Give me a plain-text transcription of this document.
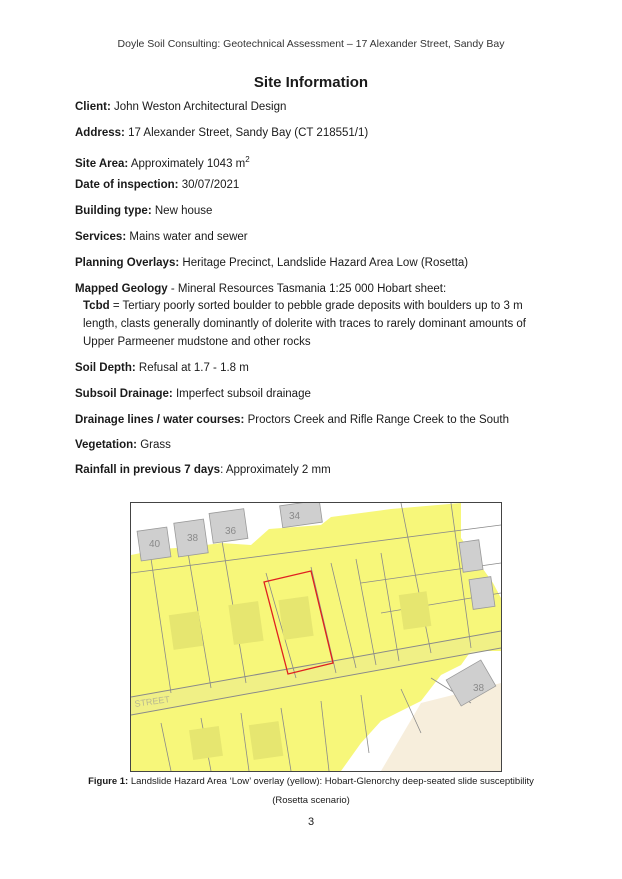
Doyle Soil Consulting: Geotechnical Assessment – 17 Alexander Street, Sandy Bay
Site Information
Client: John Weston Architectural Design
Address: 17 Alexander Street, Sandy Bay (CT 218551/1)
Site Area: Approximately 1043 $m^2$
Date of inspection: 30/07/2021
Building type: New house
Services: Mains water and sewer
Planning Overlays: Heritage Precinct, Landslide Hazard Area Low (Rosetta)
Mapped Geology - Mineral Resources Tasmania 1:25 000 Hobart sheet:
Tcbd = Tertiary poorly sorted boulder to pebble grade deposits with boulders up to 3 m length, clasts generally dominantly of dolerite with traces to rarely dominant amounts of Upper Parmeener mudstone and other rocks
Soil Depth: Refusal at 1.7 - 1.8 m
Subsoil Drainage: Imperfect subsoil drainage
Drainage lines / water courses: Proctors Creek and Rifle Range Creek to the South
Vegetation: Grass
Rainfall in previous 7 days: Approximately 2 mm
40
38
36
34
38
STREET
Figure 1: Landslide Hazard Area ‘Low’ overlay (yellow): Hobart-Glenorchy deep-seated slide susceptibility
(Rosetta scenario)
3
